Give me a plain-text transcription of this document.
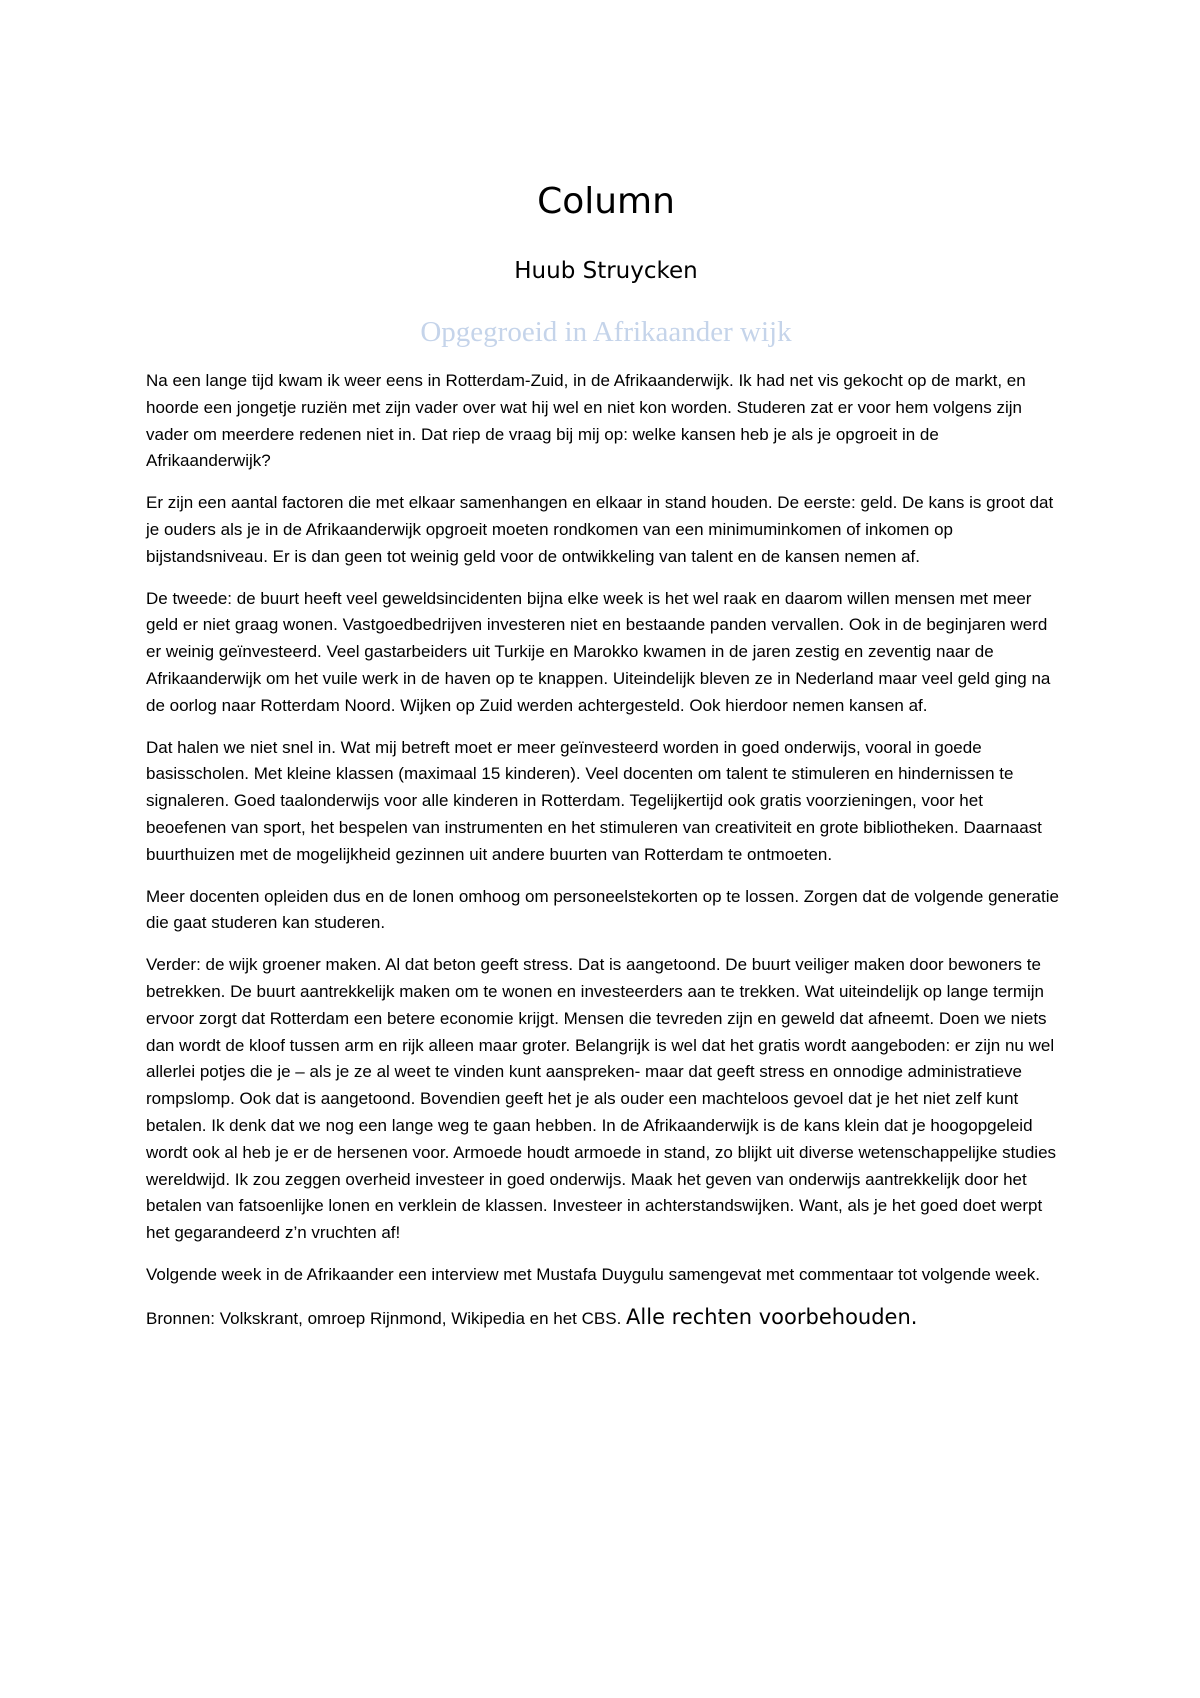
Column
Huub Struycken
Opgegroeid in Afrikaander wijk

Na een lange tijd kwam ik weer eens in Rotterdam-Zuid, in de Afrikaanderwijk. Ik had net vis gekocht op de markt, en hoorde een jongetje ruziën met zijn vader over wat hij wel en niet kon worden. Studeren zat er voor hem volgens zijn vader om meerdere redenen niet in. Dat riep de vraag bij mij op: welke kansen heb je als je opgroeit in de Afrikaanderwijk?

Er zijn een aantal factoren die met elkaar samenhangen en elkaar in stand houden. De eerste: geld. De kans is groot dat je ouders als je in de Afrikaanderwijk opgroeit moeten rondkomen van een minimuminkomen of inkomen op bijstandsniveau. Er is dan geen tot weinig geld voor de ontwikkeling van talent en de kansen nemen af.

De tweede: de buurt heeft veel geweldsincidenten bijna elke week is het wel raak en daarom willen mensen met meer geld er niet graag wonen. Vastgoedbedrijven investeren niet en bestaande panden vervallen. Ook in de beginjaren werd er weinig geïnvesteerd. Veel gastarbeiders uit Turkije en Marokko kwamen in de jaren zestig en zeventig naar de Afrikaanderwijk om het vuile werk in de haven op te knappen. Uiteindelijk bleven ze in Nederland maar veel geld ging na de oorlog naar Rotterdam Noord. Wijken op Zuid werden achtergesteld. Ook hierdoor nemen kansen af.

Dat halen we niet snel in. Wat mij betreft moet er meer geïnvesteerd worden in goed onderwijs, vooral in goede basisscholen. Met kleine klassen (maximaal 15 kinderen). Veel docenten om talent te stimuleren en hindernissen te signaleren. Goed taalonderwijs voor alle kinderen in Rotterdam. Tegelijkertijd ook gratis voorzieningen, voor het beoefenen van sport, het bespelen van instrumenten en het stimuleren van creativiteit en grote bibliotheken. Daarnaast buurthuizen met de mogelijkheid gezinnen uit andere buurten van Rotterdam te ontmoeten.

Meer docenten opleiden dus en de lonen omhoog om personeelstekorten op te lossen. Zorgen dat de volgende generatie die gaat studeren kan studeren.

Verder: de wijk groener maken. Al dat beton geeft stress. Dat is aangetoond. De buurt veiliger maken door bewoners te betrekken. De buurt aantrekkelijk maken om te wonen en investeerders aan te trekken. Wat uiteindelijk op lange termijn ervoor zorgt dat Rotterdam een betere economie krijgt. Mensen die tevreden zijn en geweld dat afneemt. Doen we niets dan wordt de kloof tussen arm en rijk alleen maar groter. Belangrijk is wel dat het gratis wordt aangeboden: er zijn nu wel allerlei potjes die je – als je ze al weet te vinden kunt aanspreken- maar dat geeft stress en onnodige administratieve rompslomp. Ook dat is aangetoond. Bovendien geeft het je als ouder een machteloos gevoel dat je het niet zelf kunt betalen. Ik denk dat we nog een lange weg te gaan hebben. In de Afrikaanderwijk is de kans klein dat je hoogopgeleid wordt ook al heb je er de hersenen voor. Armoede houdt armoede in stand, zo blijkt uit diverse wetenschappelijke studies wereldwijd. Ik zou zeggen overheid investeer in goed onderwijs. Maak het geven van onderwijs aantrekkelijk door het betalen van fatsoenlijke lonen en verklein de klassen. Investeer in achterstandswijken. Want, als je het goed doet werpt het gegarandeerd z’n vruchten af!

Volgende week in de Afrikaander een interview met Mustafa Duygulu samengevat met commentaar tot volgende week.

Bronnen: Volkskrant, omroep Rijnmond, Wikipedia en het CBS. Alle rechten voorbehouden.
